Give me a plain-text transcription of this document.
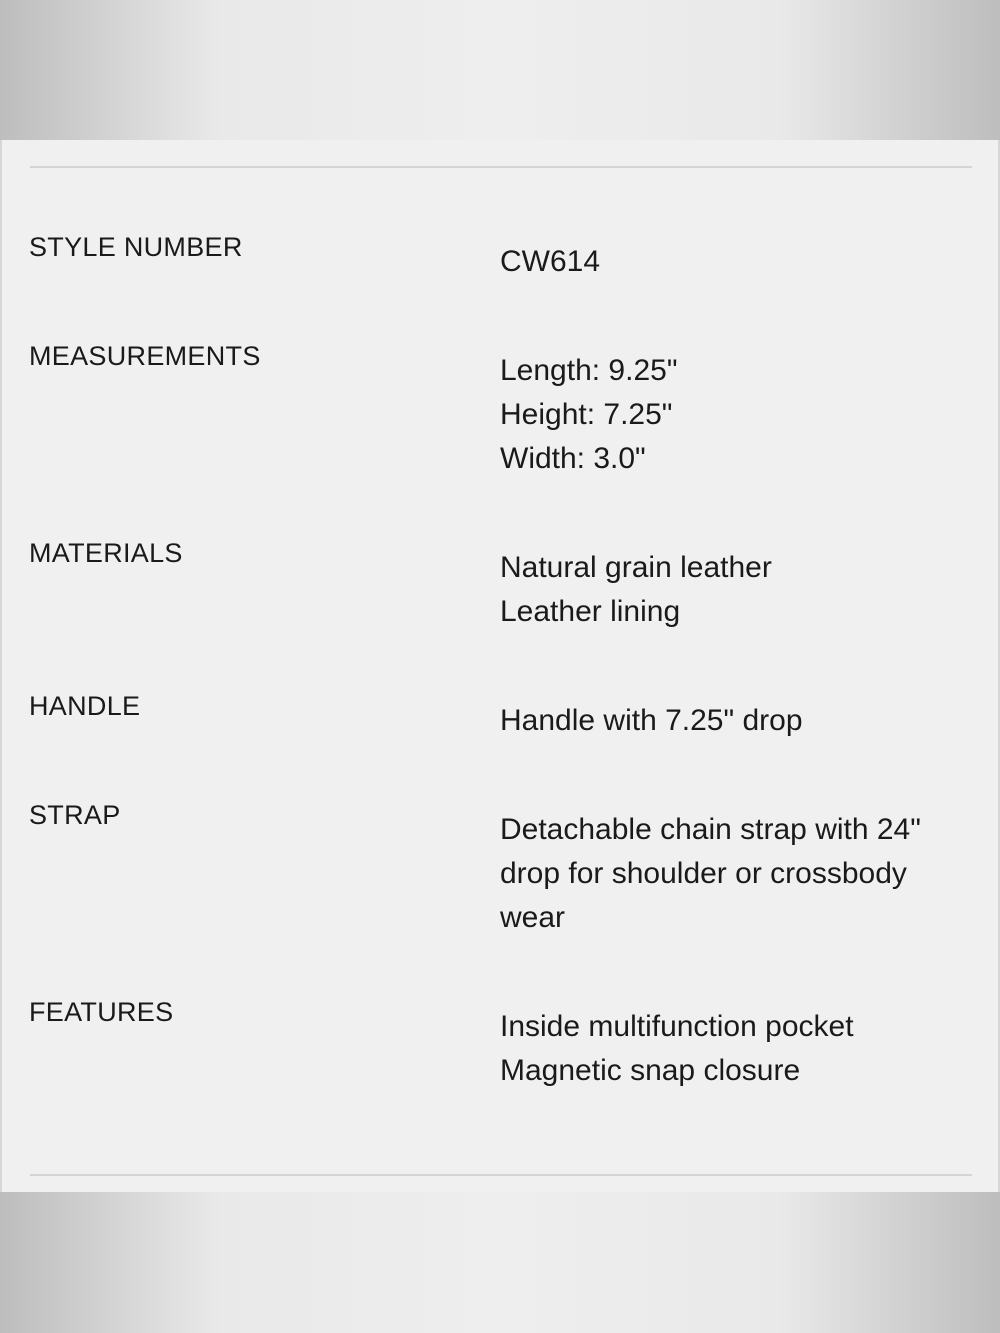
STYLE NUMBER	CW614
MEASUREMENTS	Length: 9.25"
Height: 7.25"
Width: 3.0"
MATERIALS	Natural grain leather
Leather lining
HANDLE	Handle with 7.25" drop
STRAP	Detachable chain strap with 24"
drop for shoulder or crossbody
wear
FEATURES	Inside multifunction pocket
Magnetic snap closure
